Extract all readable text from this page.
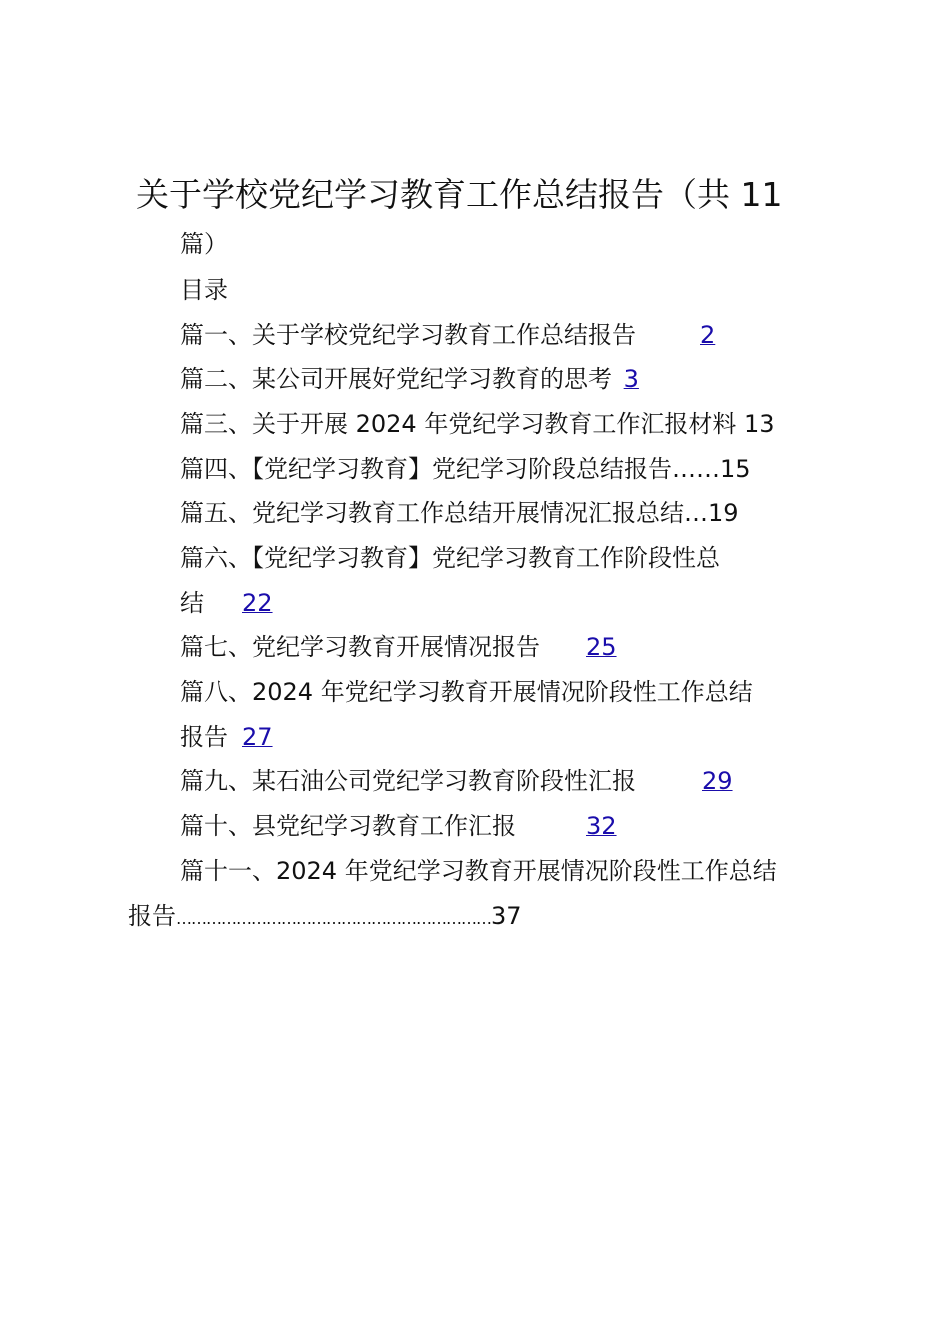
关于学校党纪学习教育工作总结报告（共 11
篇）
目录
篇一、关于学校党纪学习教育工作总结报告	2
篇二、某公司开展好党纪学习教育的思考 3
篇三、关于开展 2024 年党纪学习教育工作汇报材料 13
篇四、【党纪学习教育】党纪学习阶段总结报告……15
篇五、党纪学习教育工作总结开展情况汇报总结…19
篇六、【党纪学习教育】党纪学习教育工作阶段性总
结 22
篇七、党纪学习教育开展情况报告 25
篇八、2024 年党纪学习教育开展情况阶段性工作总结
报告 27
篇九、某石油公司党纪学习教育阶段性汇报	29
篇十、县党纪学习教育工作汇报	32
篇十一、2024 年党纪学习教育开展情况阶段性工作总结
报告………………………………………………………37
